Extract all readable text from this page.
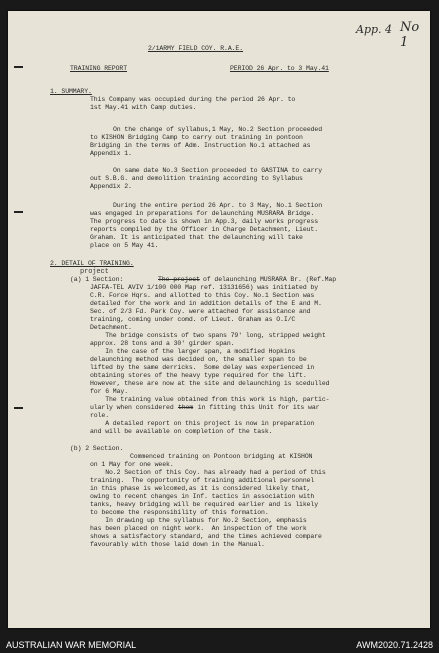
App. 4 No 1

2/1ARMY FIELD COY. R.A.E.

TRAINING REPORT	PERIOD 26 Apr. to 3 May.41

1. SUMMARY.

This Company was occupied during the period 26 Apr. to

1st May.41 with Camp duties.

On the change of syllabus,1 May, No.2 Section proceeded

to KISHON Bridging Camp to carry out training in pontoon

Bridging in the terms of Adm. Instruction No.1 attached as

Appendix 1.

On same date No.3 Section proceeded to GASTINA to carry

out S.B.G. and demolition training according to Syllabus

Appendix 2.

During the entire period 26 Apr. to 3 May, No.1 Section

was engaged in preparations for delaunching MUSRARA Bridge.

The progress to date is shown in App.3, daily works progress

reports compiled by the Officer in Charge Detachment, Lieut.

Graham. It is anticipated that the delaunching will take

place on 5 May 41.

2. DETAIL OF TRAINING.

project

(a) 1 Section:	The project of delaunching MUSRARA Br. (Ref.Map

JAFFA-TEL AVIV 1/100 000 Map ref. 13131656) was initiated by

C.R. Force Hqrs. and allotted to this Coy. No.1 Section was

detailed for the work and in addition details of the E and M.

Sec. of 2/3 Fd. Park Coy. were attached for assistance and

training, coming under comd. of Lieut. Graham as O.I/C

Detachment.

The bridge consists of two spans 79' long, stripped weight

approx. 28 tons and a 30' girder span.

In the case of the larger span, a modified Hopkins

delaunching method was decided on, the smaller span to be

lifted by the same derricks.  Some delay was experienced in

obtaining stores of the heavy type required for the lift.

However, these are now at the site and delaunching is scedulled

for 6 May.

The training value obtained from this work is high, partic-

ularly when considered them in fitting this Unit for its war

role.

A detailed report on this project is now in preparation

and will be available on completion of the task.

(b) 2 Section.

Commenced training on Pontoon bridging at KISHON

on 1 May for one week.

No.2 Section of this Coy. has already had a period of this

training.  The opportunity of training additional personnel

in this phase is welcomed,as it is considered likely that,

owing to recent changes in Inf. tactics in association with

tanks, heavy bridging will be required earlier and is likely

to become the responsibility of this formation.

In drawing up the syllabus for No.2 Section, emphasis

has been placed on night work.  An inspection of the work

shows a satisfactory standard, and the times achieved compare

favourably with those laid down in the Manual.

AUSTRALIAN WAR MEMORIAL	AWM2020.71.2428
